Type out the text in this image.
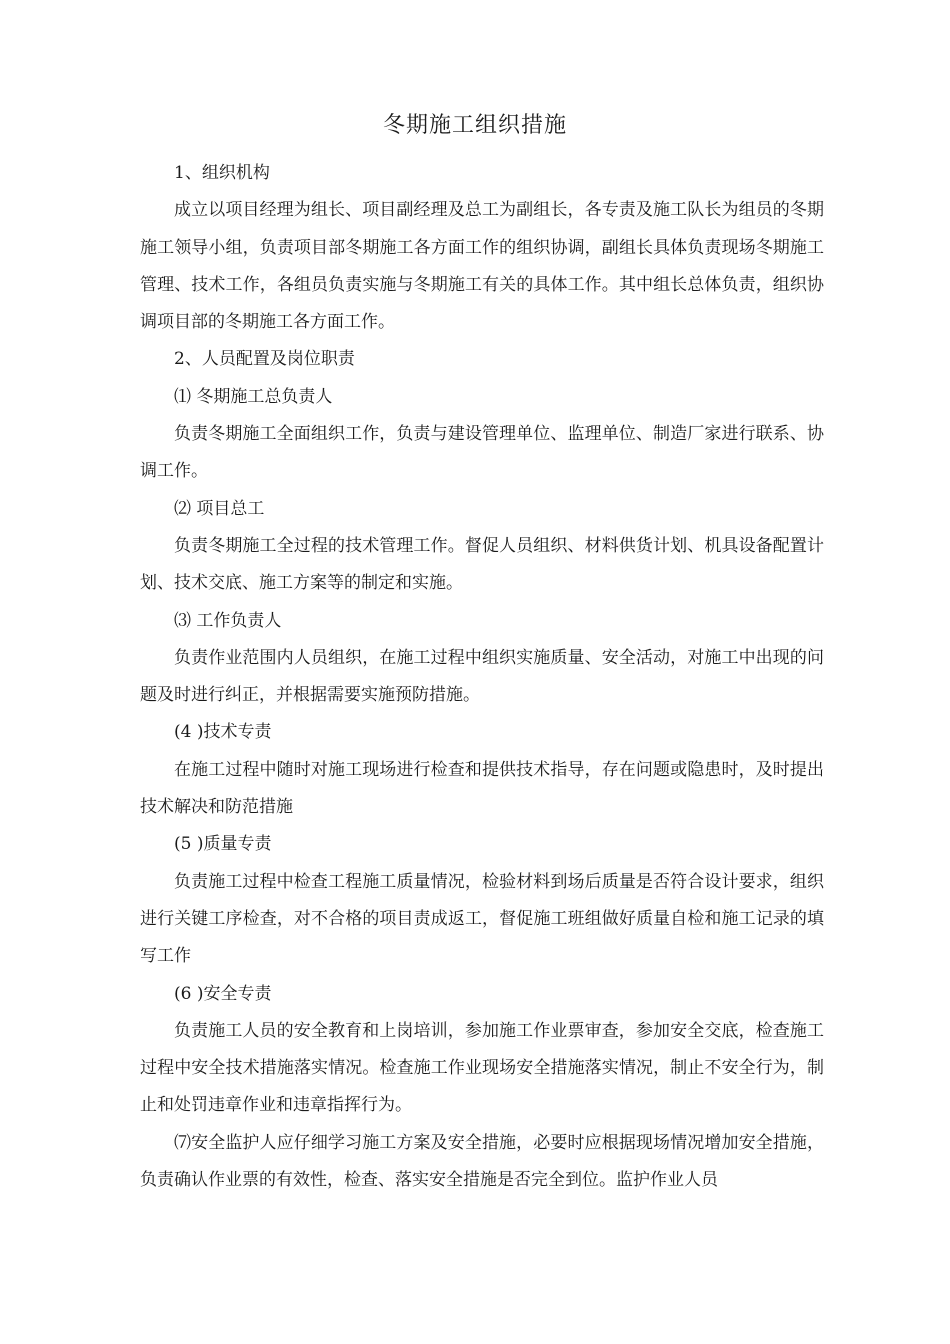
冬期施工组织措施

1、组织机构

成立以项目经理为组长、项目副经理及总工为副组长，各专责及施工队长为组员的冬期施工领导小组，负责项目部冬期施工各方面工作的组织协调，副组长具体负责现场冬期施工管理、技术工作，各组员负责实施与冬期施工有关的具体工作。其中组长总体负责，组织协调项目部的冬期施工各方面工作。

2、人员配置及岗位职责

⑴ 冬期施工总负责人

负责冬期施工全面组织工作，负责与建设管理单位、监理单位、制造厂家进行联系、协调工作。

⑵ 项目总工

负责冬期施工全过程的技术管理工作。督促人员组织、材料供货计划、机具设备配置计划、技术交底、施工方案等的制定和实施。

⑶ 工作负责人

负责作业范围内人员组织，在施工过程中组织实施质量、安全活动，对施工中出现的问题及时进行纠正，并根据需要实施预防措施。

(4 )技术专责

在施工过程中随时对施工现场进行检查和提供技术指导，存在问题或隐患时，及时提出技术解决和防范措施

(5 )质量专责

负责施工过程中检查工程施工质量情况，检验材料到场后质量是否符合设计要求，组织进行关键工序检查，对不合格的项目责成返工，督促施工班组做好质量自检和施工记录的填写工作

(6 )安全专责

负责施工人员的安全教育和上岗培训，参加施工作业票审查，参加安全交底，检查施工过程中安全技术措施落实情况。检查施工作业现场安全措施落实情况，制止不安全行为，制止和处罚违章作业和违章指挥行为。

⑺安全监护人应仔细学习施工方案及安全措施，必要时应根据现场情况增加安全措施，负责确认作业票的有效性，检查、落实安全措施是否完全到位。监护作业人员
